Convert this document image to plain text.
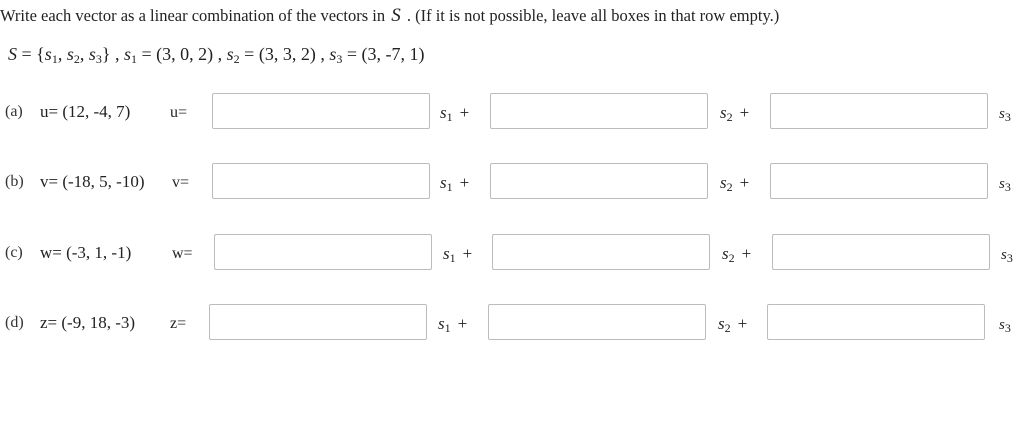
Write each vector as a linear combination of the vectors in S . (If it is not possible, leave all boxes in that row empty.)
$S = \{s_1$, $s_2$, $s_3$} , $s_1 = (3$, 0, 2) , $s_2 = (3$, 3, 2) , $s_3 = (3$, -7, 1)
(a) u= (12, -4, 7) u=	$s_1$ +	$s_2$ +	$s_3$
(b) v= (-18, 5, -10) v=	$s_1$ +	$s_2$ +	$s_3$
(c) w= (-3, 1, -1)	w=	$s_1$ +	$s_2$ +	$s_3$
(d) z= (-9, 18, -3) z=	$s_1$ +	$s_2$ +	$s_3$
